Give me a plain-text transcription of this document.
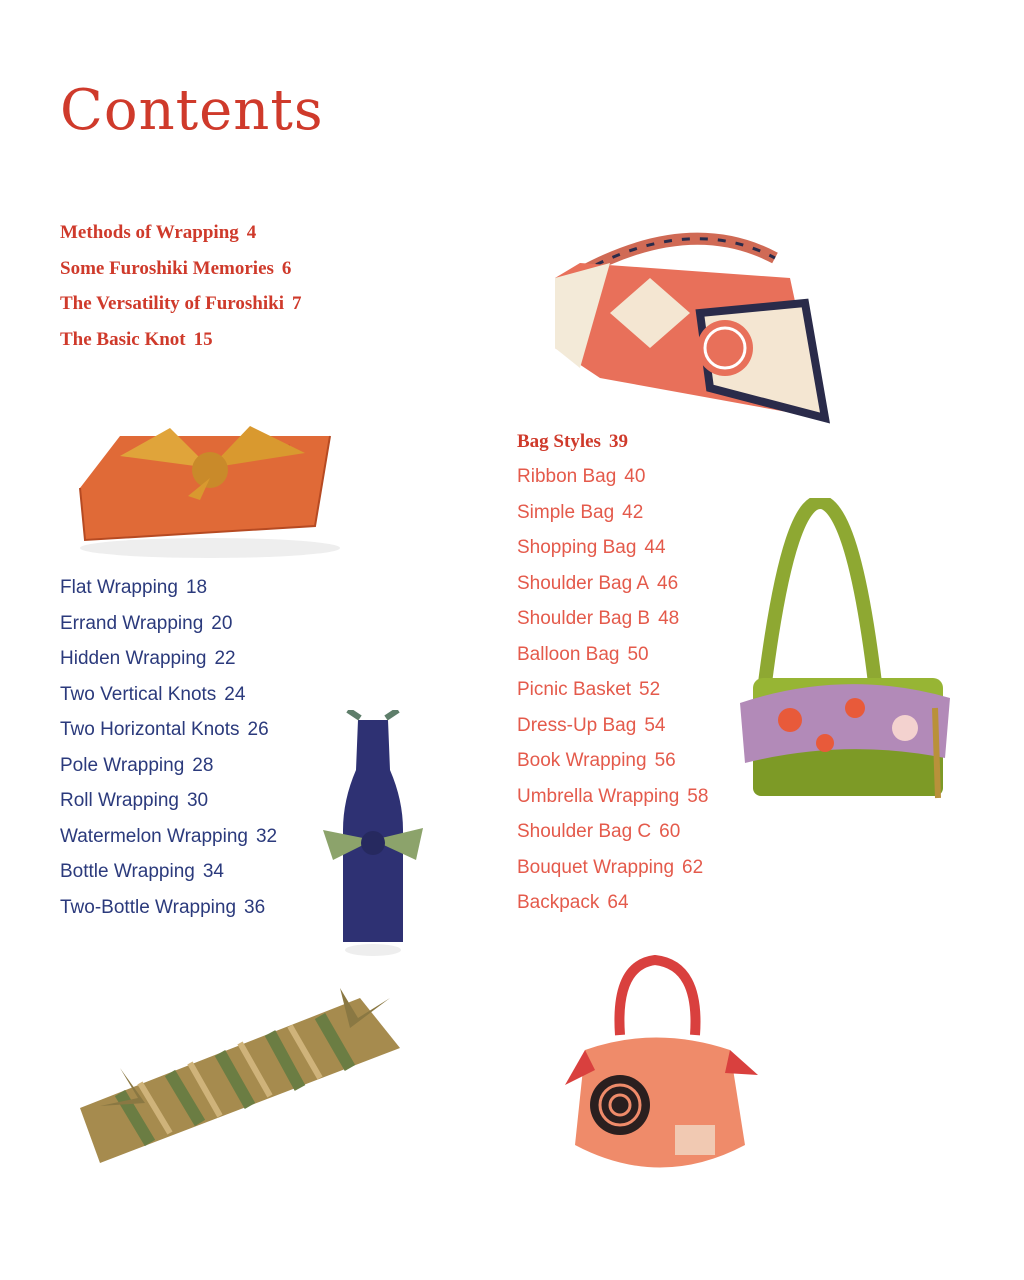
Contents
Methods of Wrapping 4
Some Furoshiki Memories 6
The Versatility of Furoshiki 7
The Basic Knot 15
Flat Wrapping 18
Errand Wrapping 20
Hidden Wrapping 22
Two Vertical Knots 24
Two Horizontal Knots 26
Pole Wrapping 28
Roll Wrapping 30
Watermelon Wrapping 32
Bottle Wrapping 34
Two-Bottle Wrapping 36
Bag Styles 39
Ribbon Bag 40
Simple Bag 42
Shopping Bag 44
Shoulder Bag A 46
Shoulder Bag B 48
Balloon Bag 50
Picnic Basket 52
Dress-Up Bag 54
Book Wrapping 56
Umbrella Wrapping 58
Shoulder Bag C 60
Bouquet Wrapping 62
Backpack 64
